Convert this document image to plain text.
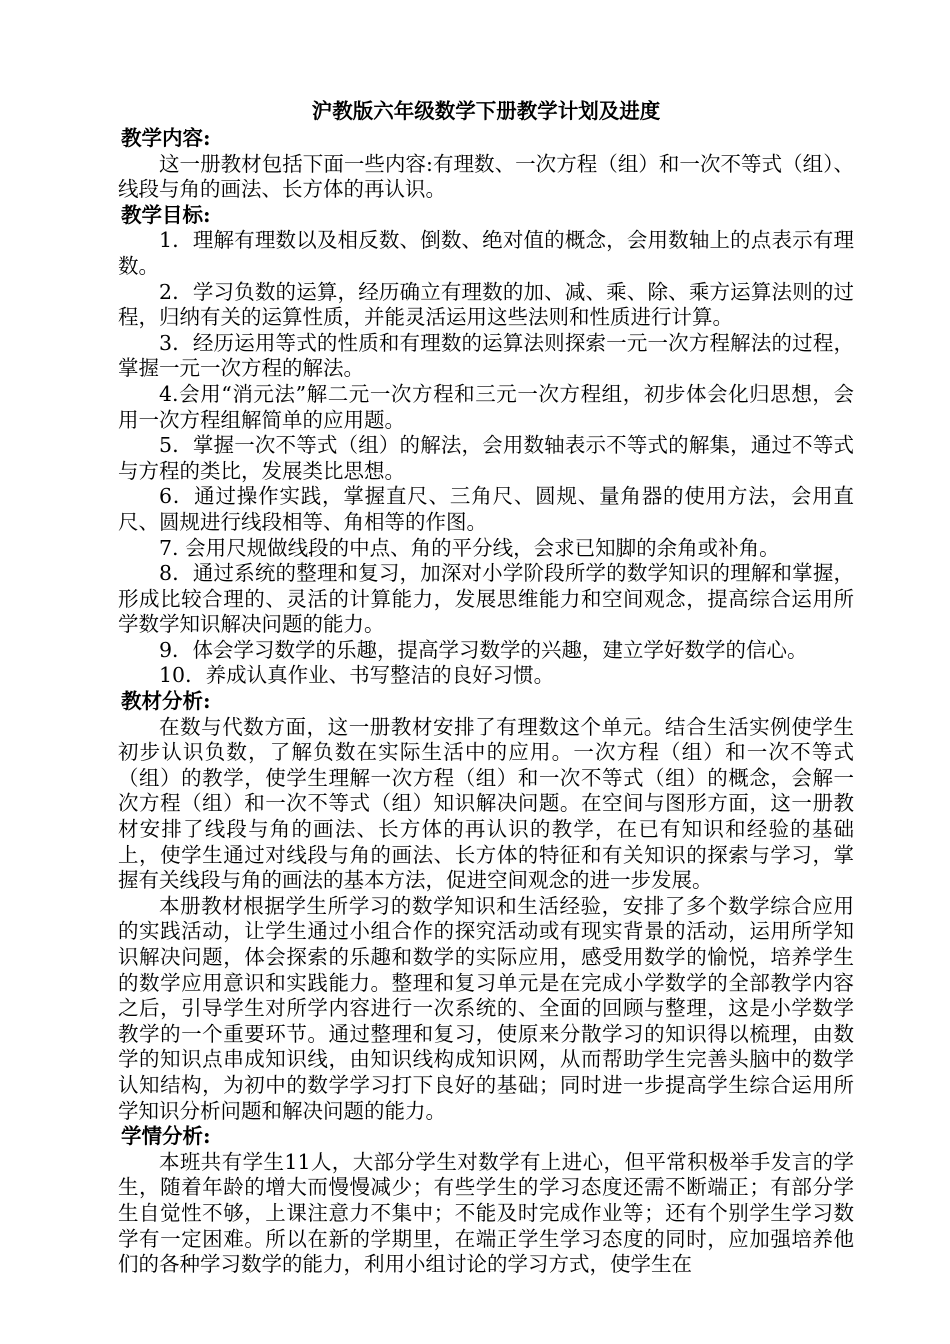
沪教版六年级数学下册教学计划及进度

教学内容:

这一册教材包括下面一些内容:有理数、一次方程（组）和一次不等式（组）、线段与角的画法、长方体的再认识。

教学目标:

1．理解有理数以及相反数、倒数、绝对值的概念，会用数轴上的点表示有理数。
2．学习负数的运算，经历确立有理数的加、减、乘、除、乘方运算法则的过程，归纳有关的运算性质，并能灵活运用这些法则和性质进行计算。
3．经历运用等式的性质和有理数的运算法则探索一元一次方程解法的过程，掌握一元一次方程的解法。
4.会用“消元法”解二元一次方程和三元一次方程组，初步体会化归思想，会用一次方程组解简单的应用题。
5．掌握一次不等式（组）的解法，会用数轴表示不等式的解集，通过不等式与方程的类比，发展类比思想。
6．通过操作实践，掌握直尺、三角尺、圆规、量角器的使用方法，会用直尺、圆规进行线段相等、角相等的作图。
7. 会用尺规做线段的中点、角的平分线，会求已知脚的余角或补角。
8．通过系统的整理和复习，加深对小学阶段所学的数学知识的理解和掌握，形成比较合理的、灵活的计算能力，发展思维能力和空间观念，提高综合运用所学数学知识解决问题的能力。
9．体会学习数学的乐趣，提高学习数学的兴趣，建立学好数学的信心。
10．养成认真作业、书写整洁的良好习惯。

教材分析:

在数与代数方面，这一册教材安排了有理数这个单元。结合生活实例使学生初步认识负数，了解负数在实际生活中的应用。一次方程（组）和一次不等式（组）的教学，使学生理解一次方程（组）和一次不等式（组）的概念，会解一次方程（组）和一次不等式（组）知识解决问题。在空间与图形方面，这一册教材安排了线段与角的画法、长方体的再认识的教学，在已有知识和经验的基础上，使学生通过对线段与角的画法、长方体的特征和有关知识的探索与学习，掌握有关线段与角的画法的基本方法，促进空间观念的进一步发展。

本册教材根据学生所学习的数学知识和生活经验，安排了多个数学综合应用的实践活动，让学生通过小组合作的探究活动或有现实背景的活动，运用所学知识解决问题，体会探索的乐趣和数学的实际应用，感受用数学的愉悦，培养学生的数学应用意识和实践能力。整理和复习单元是在完成小学数学的全部教学内容之后，引导学生对所学内容进行一次系统的、全面的回顾与整理，这是小学数学教学的一个重要环节。通过整理和复习，使原来分散学习的知识得以梳理，由数学的知识点串成知识线，由知识线构成知识网，从而帮助学生完善头脑中的数学认知结构，为初中的数学学习打下良好的基础；同时进一步提高学生综合运用所学知识分析问题和解决问题的能力。

学情分析:

本班共有学生11人，大部分学生对数学有上进心，但平常积极举手发言的学生，随着年龄的增大而慢慢减少；有些学生的学习态度还需不断端正；有部分学生自觉性不够，上课注意力不集中；不能及时完成作业等；还有个别学生学习数学有一定困难。所以在新的学期里，在端正学生学习态度的同时，应加强培养他们的各种学习数学的能力，利用小组讨论的学习方式，使学生在
